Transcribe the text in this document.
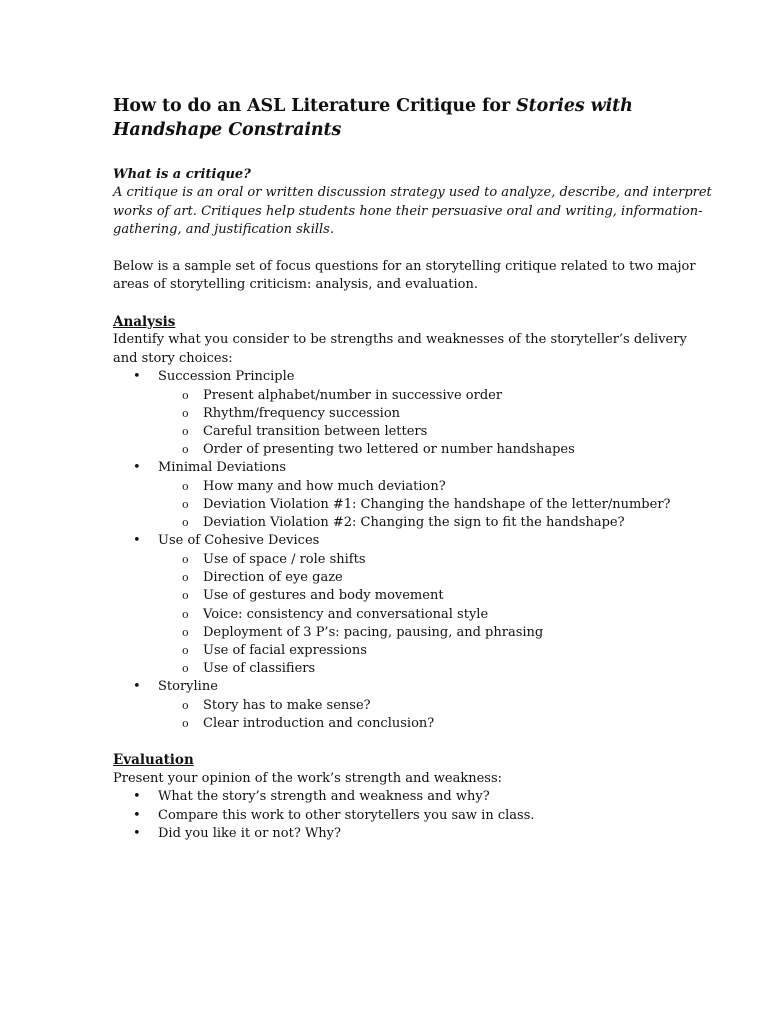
How to do an ASL Literature Critique for Stories with
Handshape Constraints

What is a critique?

A critique is an oral or written discussion strategy used to analyze, describe, and interpret works of art. Critiques help students hone their persuasive oral and writing, information-gathering, and justification skills.

Below is a sample set of focus questions for an storytelling critique related to two major areas of storytelling criticism: analysis, and evaluation.

Analysis

Identify what you consider to be strengths and weaknesses of the storyteller’s delivery and story choices:

• Succession Principle
o Present alphabet/number in successive order
o Rhythm/frequency succession
o Careful transition between letters
o Order of presenting two lettered or number handshapes
• Minimal Deviations
o How many and how much deviation?
o Deviation Violation #1: Changing the handshape of the letter/number?
o Deviation Violation #2: Changing the sign to fit the handshape?
• Use of Cohesive Devices
o Use of space / role shifts
o Direction of eye gaze
o Use of gestures and body movement
o Voice: consistency and conversational style
o Deployment of 3 P’s: pacing, pausing, and phrasing
o Use of facial expressions
o Use of classifiers
• Storyline
o Story has to make sense?
o Clear introduction and conclusion?

Evaluation

Present your opinion of the work’s strength and weakness:

• What the story’s strength and weakness and why?
• Compare this work to other storytellers you saw in class.
• Did you like it or not? Why?
